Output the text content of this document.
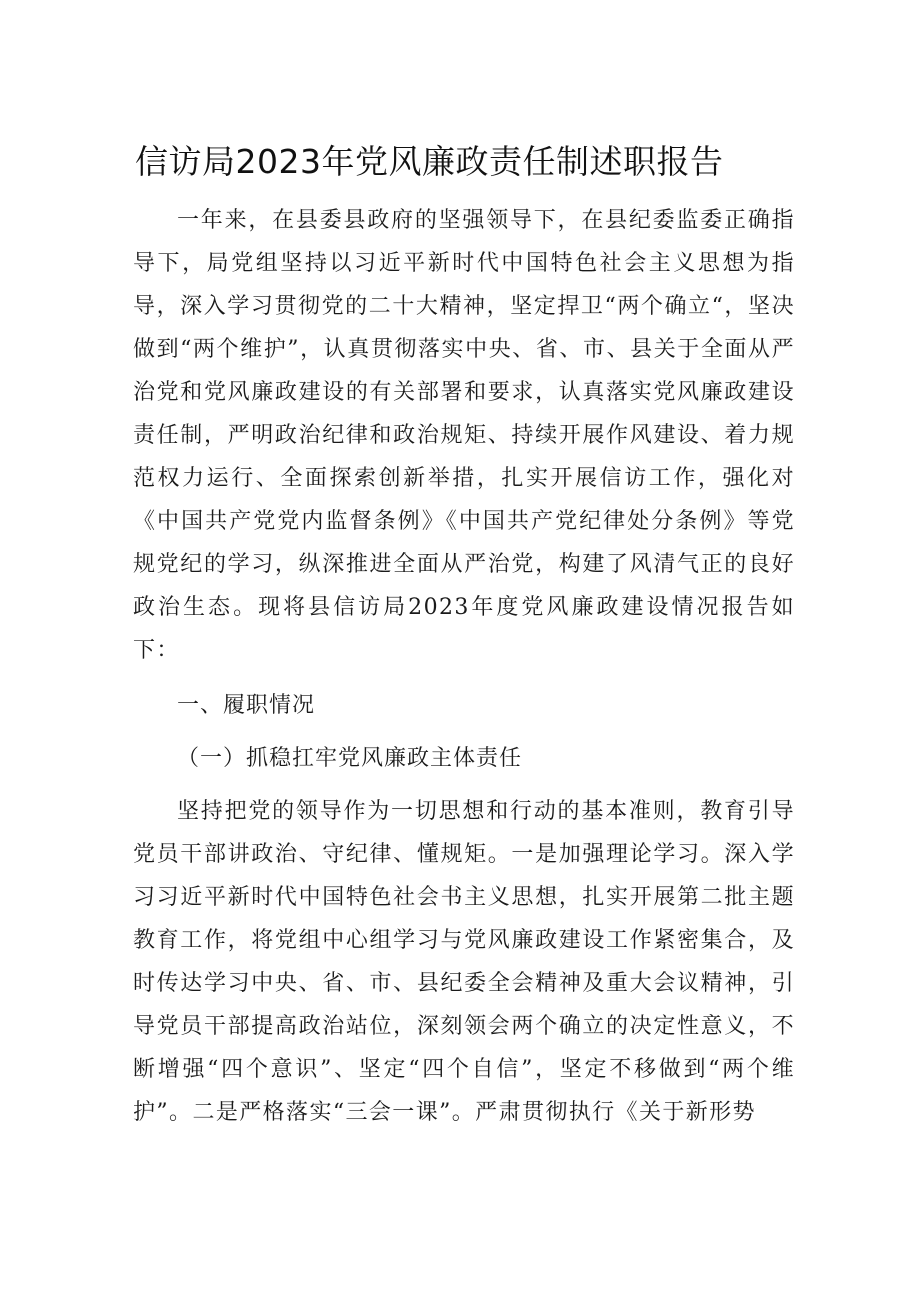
信访局2023年党风廉政责任制述职报告

一年来，在县委县政府的坚强领导下，在县纪委监委正确指导下，局党组坚持以习近平新时代中国特色社会主义思想为指导，深入学习贯彻党的二十大精神，坚定捍卫“两个确立“，坚决做到“两个维护”，认真贯彻落实中央、省、市、县关于全面从严治党和党风廉政建设的有关部署和要求，认真落实党风廉政建设责任制，严明政治纪律和政治规矩、持续开展作风建设、着力规范权力运行、全面探索创新举措，扎实开展信访工作，强化对《中国共产党党内监督条例》《中国共产党纪律处分条例》等党规党纪的学习，纵深推进全面从严治党，构建了风清气正的良好政治生态。现将县信访局2023年度党风廉政建设情况报告如下：

一、履职情况

（一）抓稳扛牢党风廉政主体责任

坚持把党的领导作为一切思想和行动的基本准则，教育引导党员干部讲政治、守纪律、懂规矩。一是加强理论学习。深入学习习近平新时代中国特色社会书主义思想，扎实开展第二批主题教育工作，将党组中心组学习与党风廉政建设工作紧密集合，及时传达学习中央、省、市、县纪委全会精神及重大会议精神，引导党员干部提高政治站位，深刻领会两个确立的决定性意义，不断增强“四个意识”、坚定“四个自信”，坚定不移做到“两个维护”。二是严格落实“三会一课”。严肃贯彻执行《关于新形势
